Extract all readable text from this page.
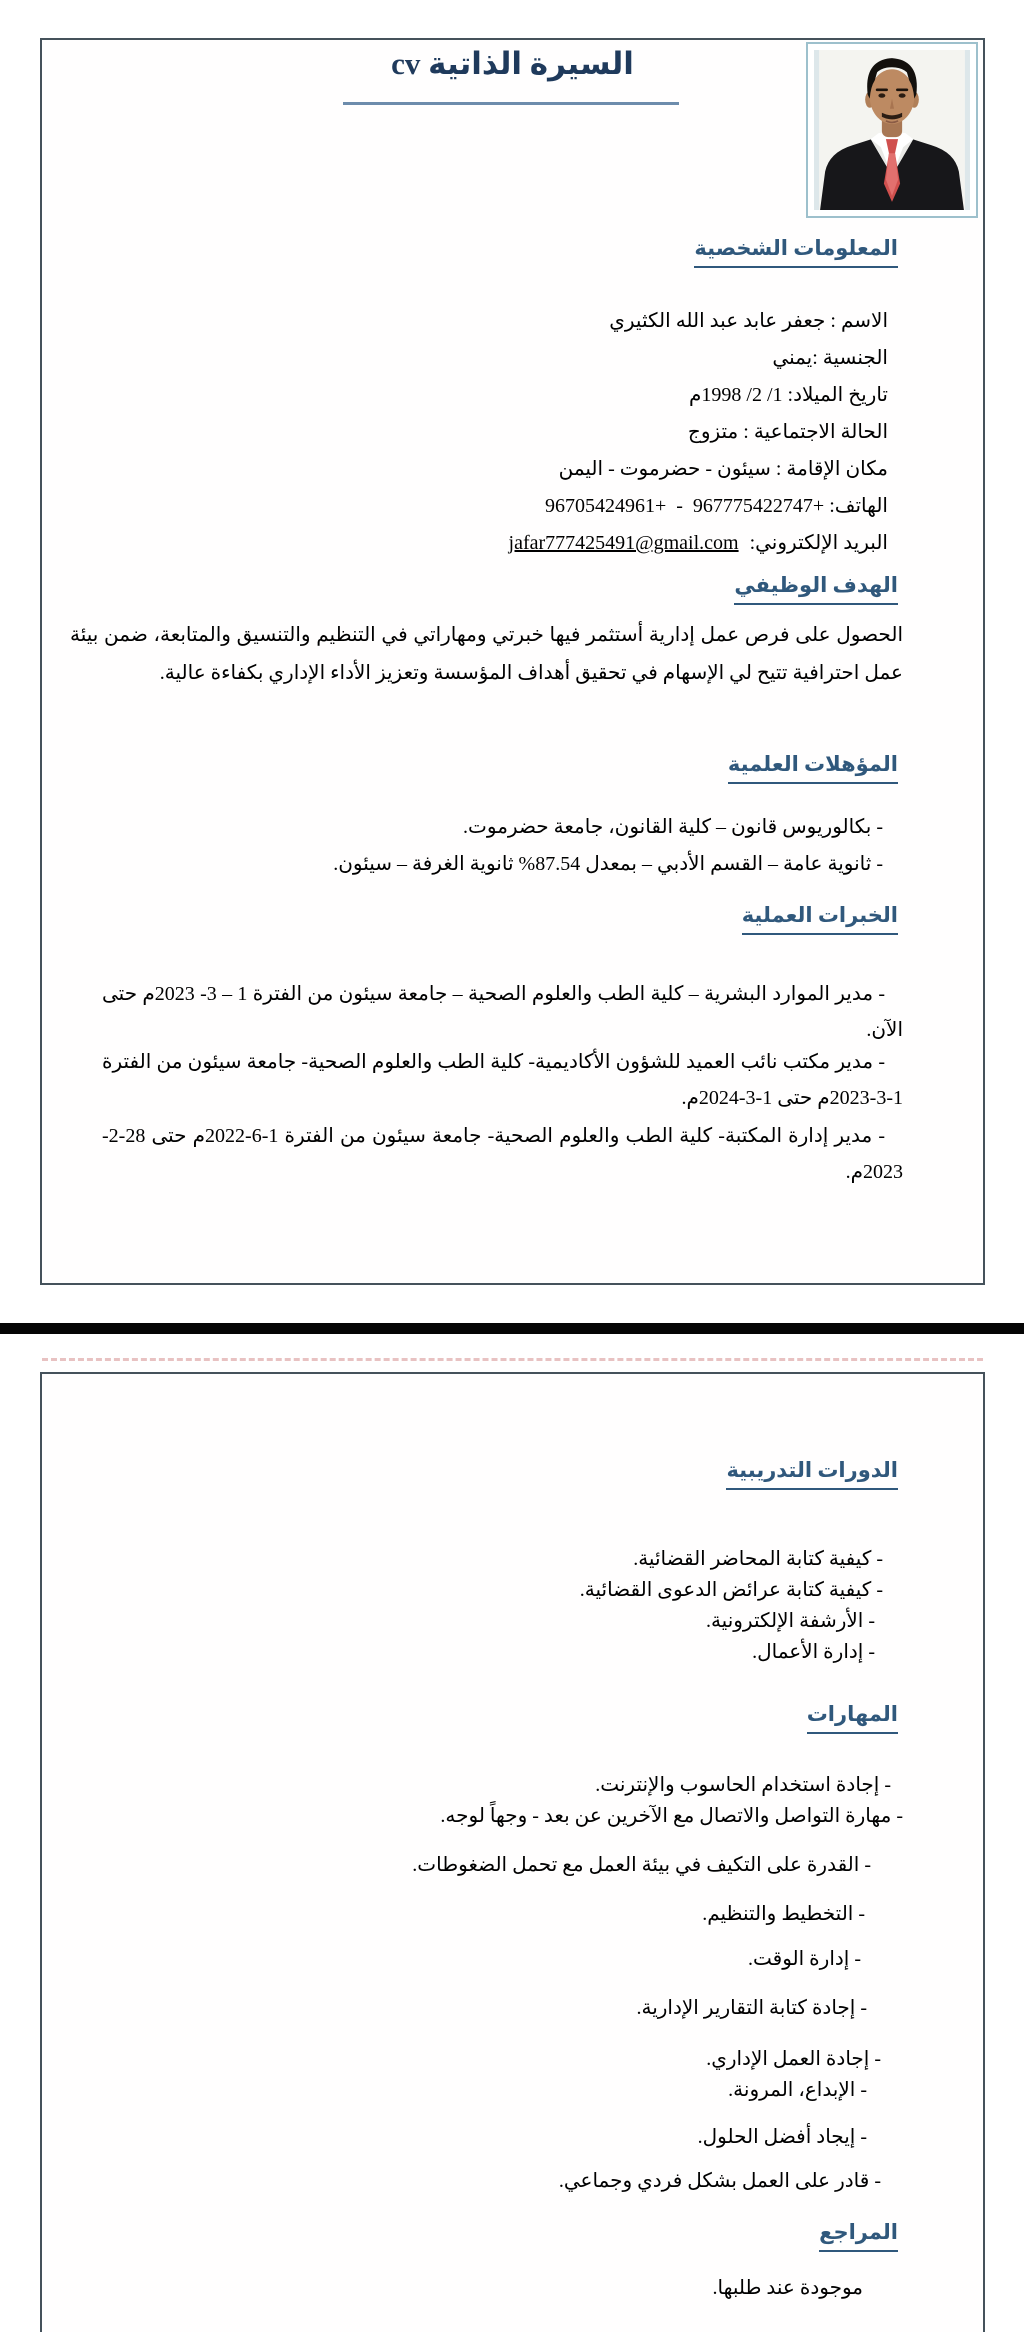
السيرة الذاتية cv
المعلومات الشخصية
الاسم : جعفر عابد عبد الله الكثيري
الجنسية :يمني
تاريخ الميلاد: 1/ 2/ 1998م
الحالة الاجتماعية : متزوج
مكان الإقامة : سيئون - حضرموت - اليمن
الهاتف: +967775422747  -  +96705424961
البريد الإلكتروني: jafar777425491@gmail.com
الهدف الوظيفي

الحصول على فرص عمل إدارية أستثمر فيها خبرتي ومهاراتي في التنظيم والتنسيق والمتابعة، ضمن بيئة عمل احترافية تتيح لي الإسهام في تحقيق أهداف المؤسسة وتعزيز الأداء الإداري بكفاءة عالية.

المؤهلات العلمية
- بكالوريوس قانون – كلية القانون، جامعة حضرموت.
- ثانوية عامة – القسم الأدبي – بمعدل 87.54‏% ثانوية الغرفة – سيئون.
الخبرات العملية

- مدير الموارد البشرية – كلية الطب والعلوم الصحية – جامعة سيئون من الفترة 1 – 3- 2023م حتى الآن.

- مدير مكتب نائب العميد للشؤون الأكاديمية- كلية الطب والعلوم الصحية- جامعة سيئون من الفترة 1-3-2023م حتى 1-3-2024م.

- مدير إدارة المكتبة- كلية الطب والعلوم الصحية- جامعة سيئون من الفترة 1-6-2022م حتى 28-2-2023م.

الدورات التدريبية
- كيفية كتابة المحاضر القضائية.
- كيفية كتابة عرائض الدعوى القضائية.
- الأرشفة الإلكترونية.
- إدارة الأعمال.
المهارات
- إجادة استخدام الحاسوب والإنترنت.
- مهارة التواصل والاتصال مع الآخرين عن بعد - وجهاً لوجه.
- القدرة على التكيف في بيئة العمل مع تحمل الضغوطات.
- التخطيط والتنظيم.
- إدارة الوقت.
- إجادة كتابة التقارير الإدارية.
- إجادة العمل الإداري.
- الإبداع، المرونة.
- إيجاد أفضل الحلول.
- قادر على العمل بشكل فردي وجماعي.
المراجع
موجودة عند طلبها.
